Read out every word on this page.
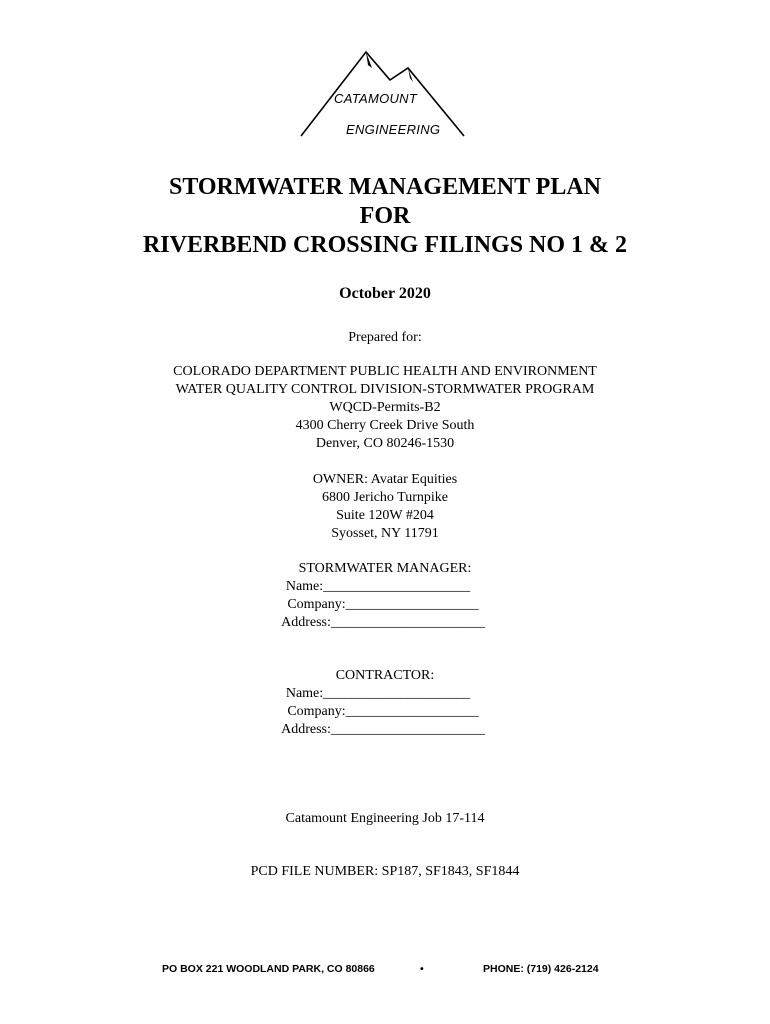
CATAMOUNT
ENGINEERING
STORMWATER MANAGEMENT PLAN
FOR
RIVERBEND CROSSING FILINGS NO 1 & 2
October 2020
Prepared for:
COLORADO DEPARTMENT PUBLIC HEALTH AND ENVIRONMENT
WATER QUALITY CONTROL DIVISION-STORMWATER PROGRAM
WQCD-Permits-B2
4300 Cherry Creek Drive South
Denver, CO 80246-1530
OWNER: Avatar Equities
6800 Jericho Turnpike
Suite 120W #204
Syosset, NY 11791
STORMWATER MANAGER:
Name:_____________________
Company:___________________
Address:______________________
CONTRACTOR:
Name:_____________________
Company:___________________
Address:______________________
Catamount Engineering Job 17-114
PCD FILE NUMBER: SP187, SF1843, SF1844
PO BOX 221 WOODLAND PARK, CO 80866	•	PHONE: (719) 426-2124
